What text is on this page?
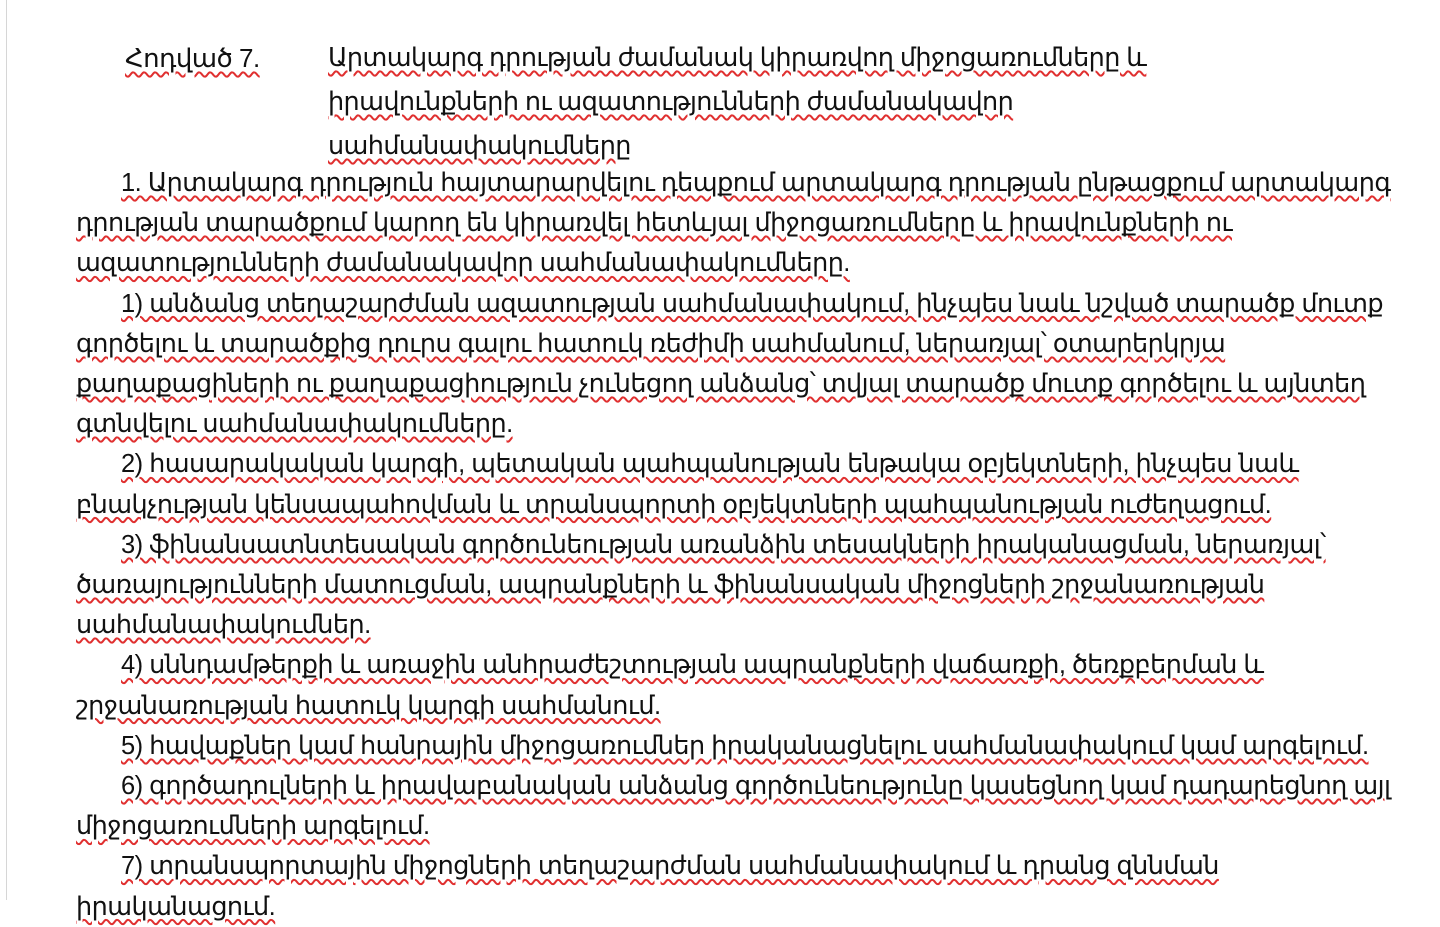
Հոդված 7.	Արտակարգ դրության ժամանակ կիրառվող միջոցառումները և իրավունքների ու ազատությունների ժամանակավոր սահմանափակումները

1. Արտակարգ դրություն հայտարարվելու դեպքում արտակարգ դրության ընթացքում արտակարգ դրության տարածքում կարող են կիրառվել հետևյալ միջոցառումները և իրավունքների ու ազատությունների ժամանակավոր սահմանափակումները.

1) անձանց տեղաշարժման ազատության սահմանափակում, ինչպես նաև նշված տարածք մուտք գործելու և տարածքից դուրս գալու հատուկ ռեժիմի սահմանում, ներառյալ՝ օտարերկրյա քաղաքացիների ու քաղաքացիություն չունեցող անձանց՝ տվյալ տարածք մուտք գործելու և այնտեղ գտնվելու սահմանափակումները.

2) հասարակական կարգի, պետական պահպանության ենթակա օբյեկտների, ինչպես նաև բնակչության կենսապահովման և տրանսպորտի օբյեկտների պահպանության ուժեղացում.

3) ֆինանսատնտեսական գործունեության առանձին տեսակների իրականացման, ներառյալ՝ ծառայությունների մատուցման, ապրանքների և ֆինանսական միջոցների շրջանառության սահմանափակումներ.

4) սննդամթերքի և առաջին անհրաժեշտության ապրանքների վաճառքի, ծեռքբերման և շրջանառության հատուկ կարգի սահմանում.

5) հավաքներ կամ հանրային միջոցառումներ իրականացնելու սահմանափակում կամ արգելում.

6) գործադուլների և իրավաբանական անձանց գործունեությունը կասեցնող կամ դադարեցնող այլ միջոցառումների արգելում.

7) տրանսպորտային միջոցների տեղաշարժման սահմանափակում և դրանց զննման իրականացում.
